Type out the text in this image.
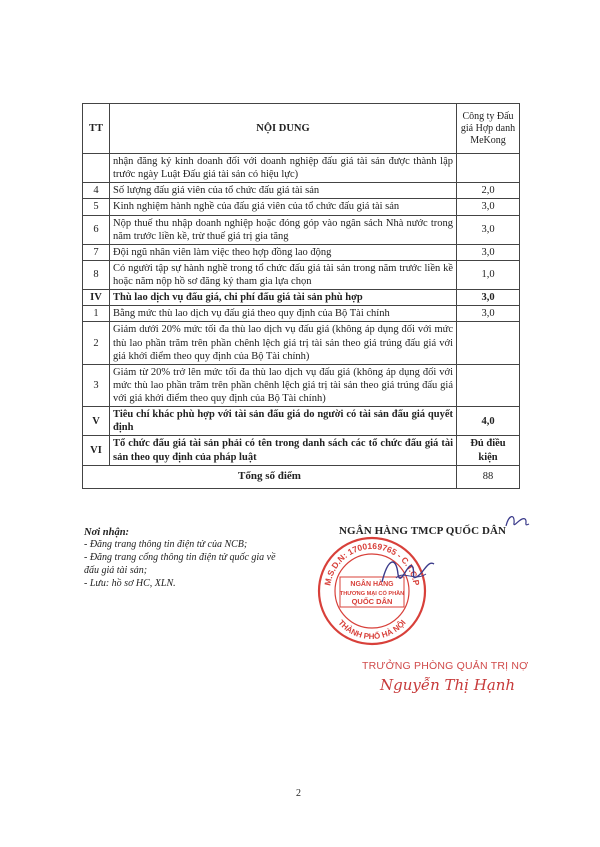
TT	NỘI DUNG	Công ty Đấu giá Hợp danh MeKong
	nhận đăng ký kinh doanh đối với doanh nghiệp đấu giá tài sản được thành lập trước ngày Luật Đấu giá tài sản có hiệu lực)	
4	Số lượng đấu giá viên của tổ chức đấu giá tài sản	2,0
5	Kinh nghiệm hành nghề của đấu giá viên của tổ chức đấu giá tài sản	3,0
6	Nộp thuế thu nhập doanh nghiệp hoặc đóng góp vào ngân sách Nhà nước trong năm trước liền kề, trừ thuế giá trị gia tăng	3,0
7	Đội ngũ nhân viên làm việc theo hợp đồng lao động	3,0
8	Có người tập sự hành nghề trong tổ chức đấu giá tài sản trong năm trước liền kề hoặc năm nộp hồ sơ đăng ký tham gia lựa chọn	1,0
IV	Thù lao dịch vụ đấu giá, chi phí đấu giá tài sản phù hợp	3,0
1	Bằng mức thù lao dịch vụ đấu giá theo quy định của Bộ Tài chính	3,0
2	Giảm dưới 20% mức tối đa thù lao dịch vụ đấu giá (không áp dụng đối với mức thù lao phần trăm trên phần chênh lệch giá trị tài sản theo giá trúng đấu giá với giá khởi điểm theo quy định của Bộ Tài chính)	
3	Giảm từ 20% trở lên mức tối đa thù lao dịch vụ đấu giá (không áp dụng đối với mức thù lao phần trăm trên phần chênh lệch giá trị tài sản theo giá trúng đấu giá với giá khởi điểm theo quy định của Bộ Tài chính)	
V	Tiêu chí khác phù hợp với tài sản đấu giá do người có tài sản đấu giá quyết định	4,0
VI	Tổ chức đấu giá tài sản phải có tên trong danh sách các tổ chức đấu giá tài sản theo quy định của pháp luật	Đủ điều kiện
Tổng số điểm		88
Nơi nhận:
- Đăng trang thông tin điện tử của NCB;
- Đăng trang cổng thông tin điện tử quốc gia về đấu giá tài sản;
- Lưu: hồ sơ HC, XLN.
NGÂN HÀNG TMCP QUỐC DÂN
M.S.D.N: 1700169765 - C.T.C.P
THÀNH PHỐ HÀ NỘI
NGÂN HÀNG
THƯƠNG MẠI CỔ PHẦN
QUỐC DÂN
TRƯỞNG PHÒNG QUẢN TRỊ NỢ
Nguyễn Thị Hạnh
2
